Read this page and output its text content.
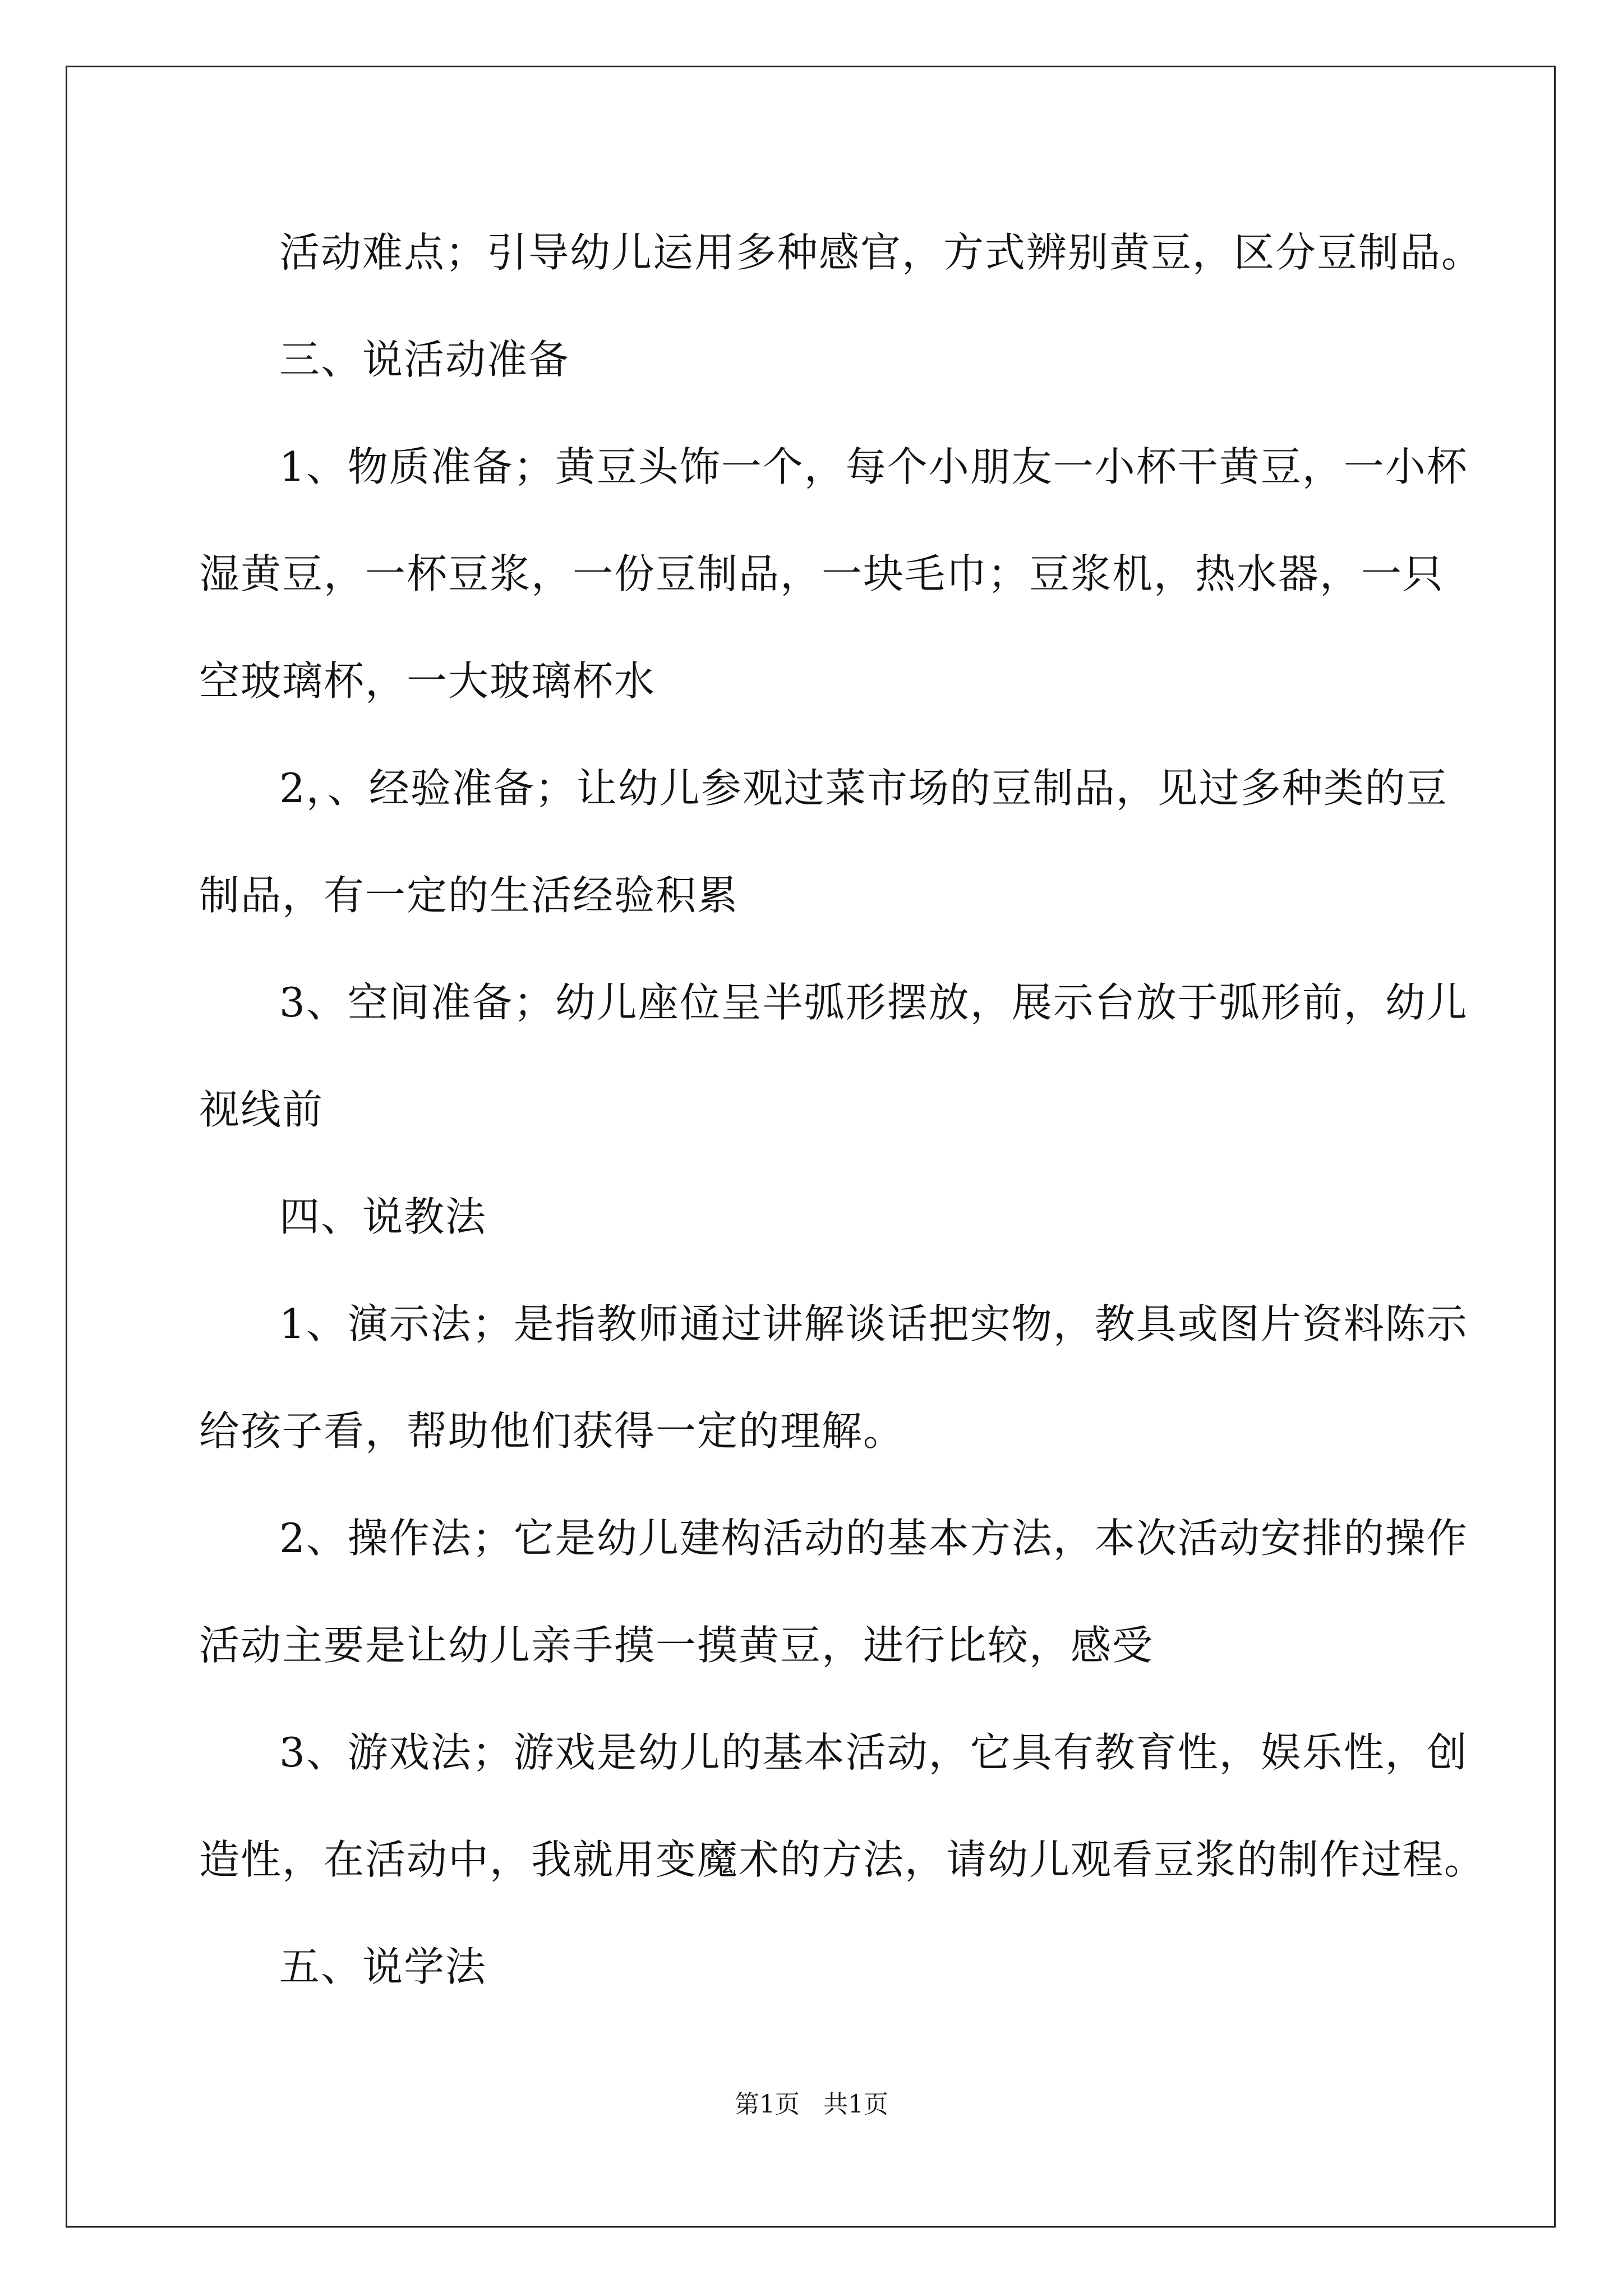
活动难点；引导幼儿运用多种感官，方式辨别黄豆，区分豆制品。
三、说活动准备
1、物质准备；黄豆头饰一个，每个小朋友一小杯干黄豆，一小杯
湿黄豆，一杯豆浆，一份豆制品，一块毛巾；豆浆机，热水器，一只
空玻璃杯，一大玻璃杯水
2，、经验准备；让幼儿参观过菜市场的豆制品，见过多种类的豆
制品，有一定的生活经验积累
3、空间准备；幼儿座位呈半弧形摆放，展示台放于弧形前，幼儿
视线前
四、说教法
1、演示法；是指教师通过讲解谈话把实物，教具或图片资料陈示
给孩子看，帮助他们获得一定的理解。
2、操作法；它是幼儿建构活动的基本方法，本次活动安排的操作
活动主要是让幼儿亲手摸一摸黄豆，进行比较，感受
3、游戏法；游戏是幼儿的基本活动，它具有教育性，娱乐性，创
造性，在活动中，我就用变魔术的方法，请幼儿观看豆浆的制作过程。
五、说学法
第1页   共1页
